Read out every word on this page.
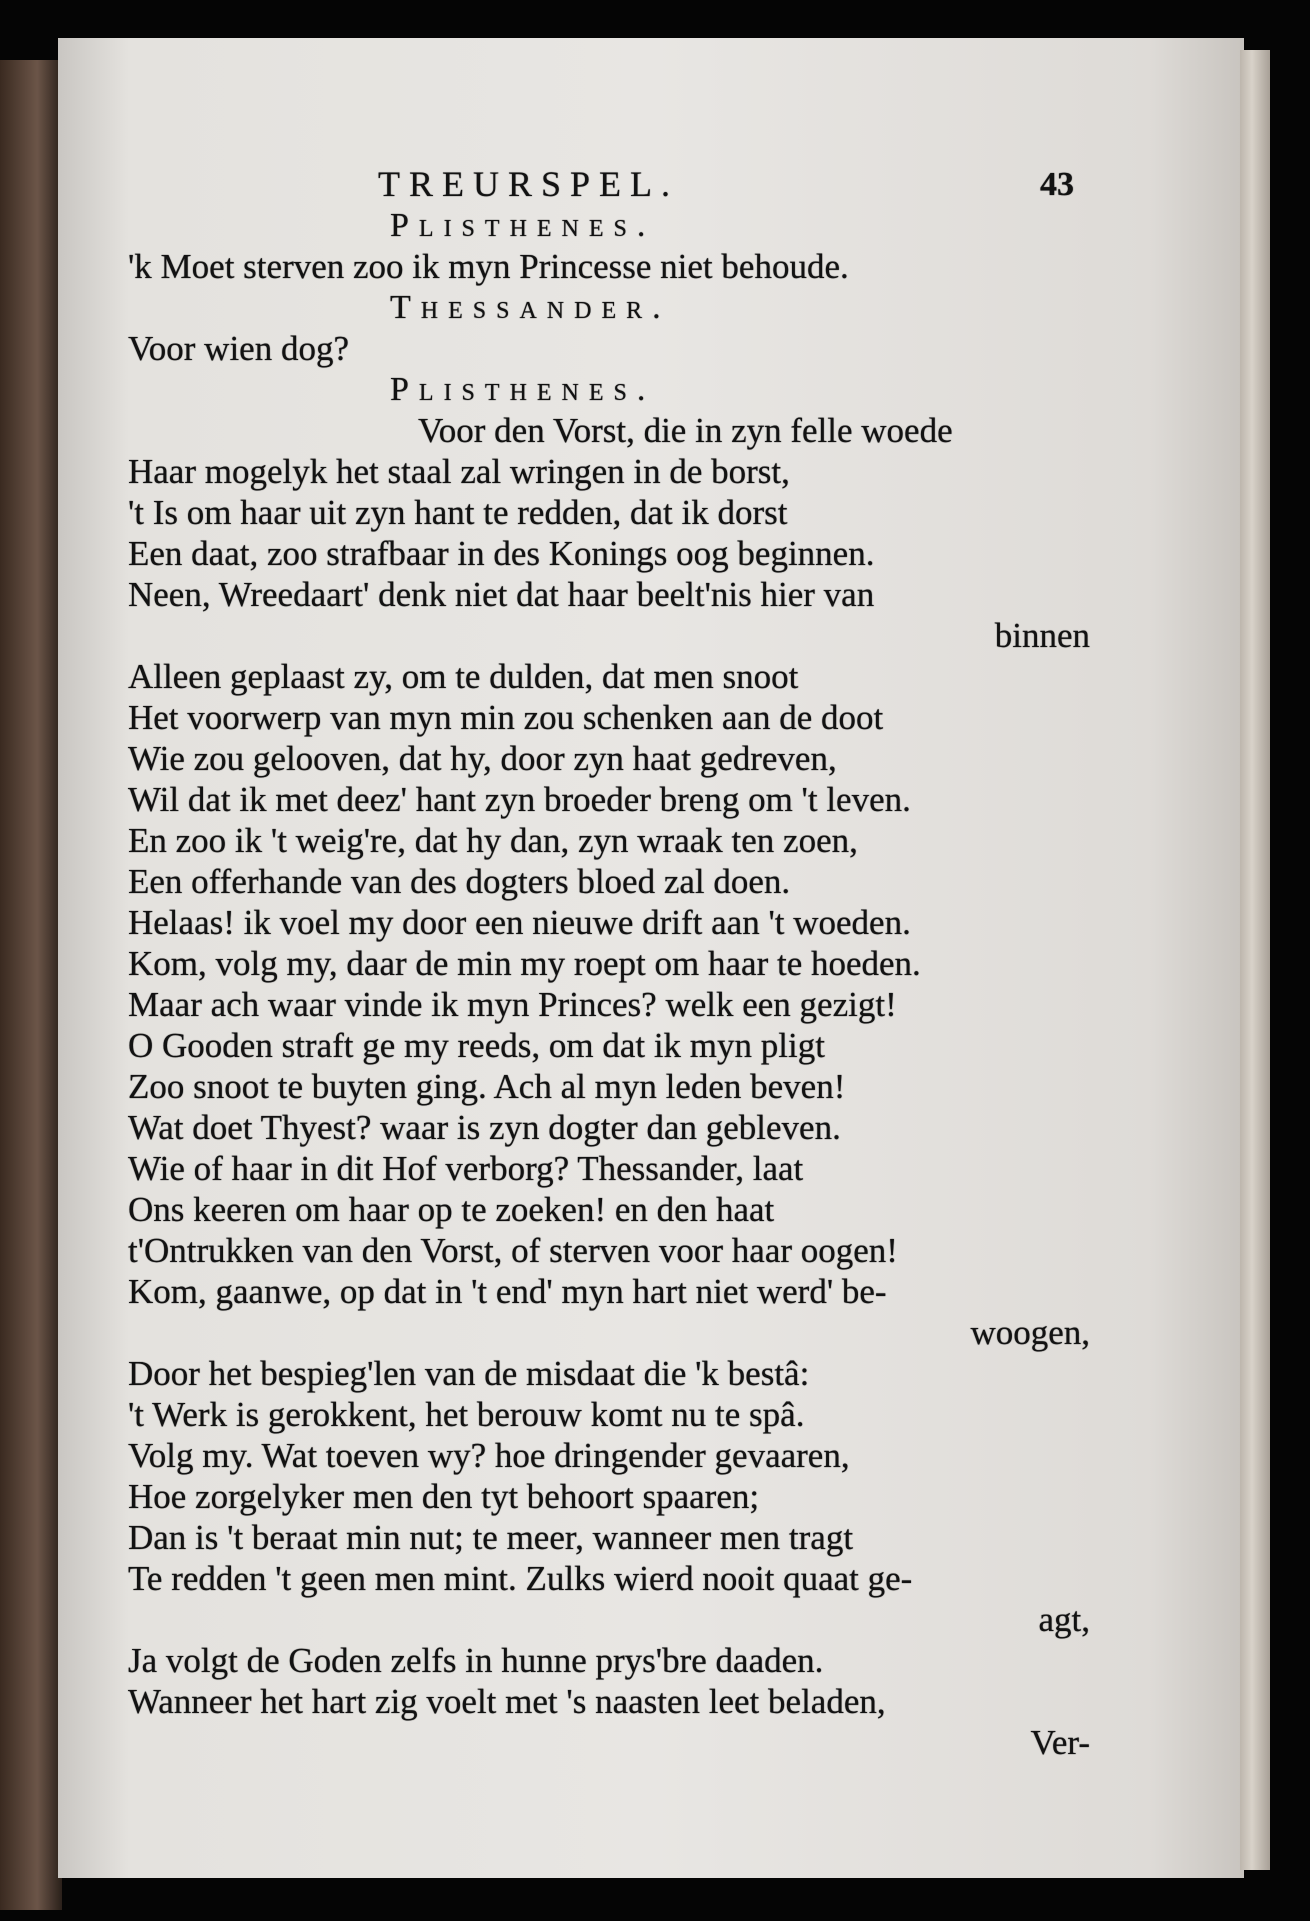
TREURSPEL.	43
Plisthenes.
'k Moet sterven zoo ik myn Princesse niet behoude.
Thessander.
Voor wien dog?
Plisthenes.
Voor den Vorst, die in zyn felle woede
Haar mogelyk het staal zal wringen in de borst,
't Is om haar uit zyn hant te redden, dat ik dorst
Een daat, zoo strafbaar in des Konings oog beginnen.
Neen, Wreedaart' denk niet dat haar beelt'nis hier van
binnen
Alleen geplaast zy, om te dulden, dat men snoot
Het voorwerp van myn min zou schenken aan de doot
Wie zou gelooven, dat hy, door zyn haat gedreven,
Wil dat ik met deez' hant zyn broeder breng om 't leven.
En zoo ik 't weig're, dat hy dan, zyn wraak ten zoen,
Een offerhande van des dogters bloed zal doen.
Helaas! ik voel my door een nieuwe drift aan 't woeden.
Kom, volg my, daar de min my roept om haar te hoeden.
Maar ach waar vinde ik myn Princes? welk een gezigt!
O Gooden straft ge my reeds, om dat ik myn pligt
Zoo snoot te buyten ging. Ach al myn leden beven!
Wat doet Thyest? waar is zyn dogter dan gebleven.
Wie of haar in dit Hof verborg? Thessander, laat
Ons keeren om haar op te zoeken! en den haat
t'Ontrukken van den Vorst, of sterven voor haar oogen!
Kom, gaanwe, op dat in 't end' myn hart niet werd' be-
woogen,
Door het bespieg'len van de misdaat die 'k bestâ:
't Werk is gerokkent, het berouw komt nu te spâ.
Volg my. Wat toeven wy? hoe dringender gevaaren,
Hoe zorgelyker men den tyt behoort spaaren;
Dan is 't beraat min nut; te meer, wanneer men tragt
Te redden 't geen men mint. Zulks wierd nooit quaat ge-
agt,
Ja volgt de Goden zelfs in hunne prys'bre daaden.
Wanneer het hart zig voelt met 's naasten leet beladen,
Ver-
